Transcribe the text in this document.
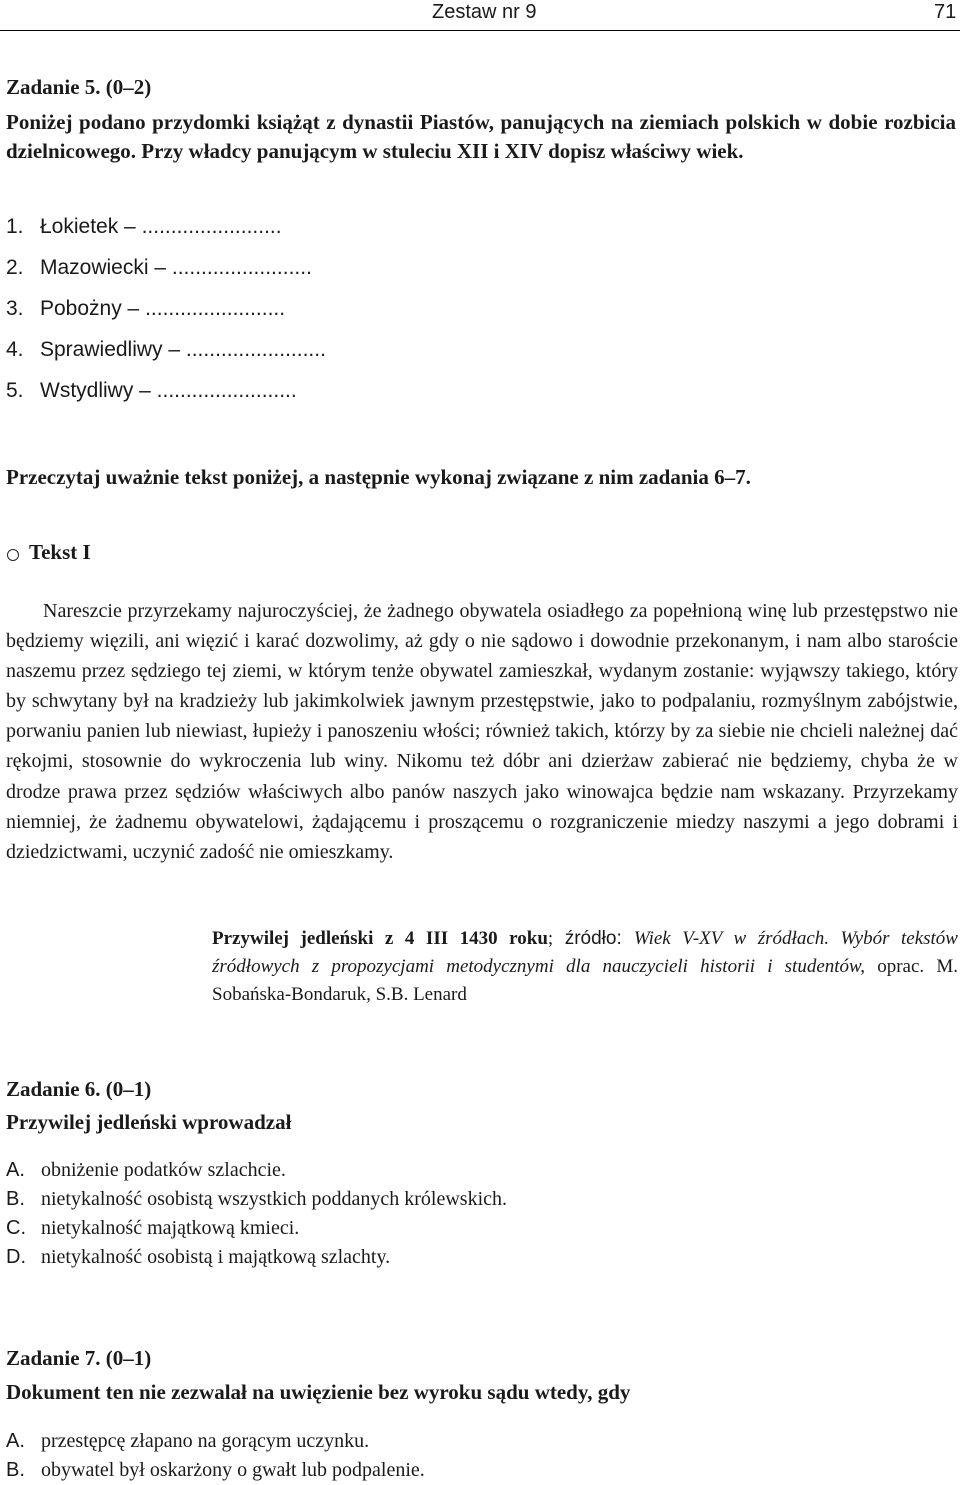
Zestaw nr 9	71

Zadanie 5. (0–2)

Poniżej podano przydomki książąt z dynastii Piastów, panujących na ziemiach polskich w dobie rozbicia dzielnicowego. Przy władcy panującym w stuleciu XII i XIV dopisz właściwy wiek.

1. Łokietek – ........................
2. Mazowiecki – ........................
3. Pobożny – ........................
4. Sprawiedliwy – ........................
5. Wstydliwy – ........................

Przeczytaj uważnie tekst poniżej, a następnie wykonaj związane z nim zadania 6–7.

Tekst I

Nareszcie przyrzekamy najuroczyściej, że żadnego obywatela osiadłego za popełnioną winę lub przestępstwo nie będziemy więzili, ani więzić i karać dozwolimy, aż gdy o nie sądowo i dowodnie przekonanym, i nam albo staroście naszemu przez sędziego tej ziemi, w którym tenże obywatel zamieszkał, wydanym zostanie: wyjąwszy takiego, który by schwytany był na kradzieży lub jakimkolwiek jawnym przestępstwie, jako to podpalaniu, rozmyślnym zabójstwie, porwaniu panien lub niewiast, łupieży i panoszeniu włości; również takich, którzy by za siebie nie chcieli należnej dać rękojmi, stosownie do wykroczenia lub winy. Nikomu też dóbr ani dzierżaw zabierać nie będziemy, chyba że w drodze prawa przez sędziów właściwych albo panów naszych jako winowajca będzie nam wskazany. Przyrzekamy niemniej, że żadnemu obywatelowi, żądającemu i proszącemu o rozgraniczenie miedzy naszymi a jego dobrami i dziedzictwami, uczynić zadość nie omieszkamy.

Przywilej jedleński z 4 III 1430 roku; źródło: Wiek V-XV w źródłach. Wybór tekstów źródłowych z propozycjami metodycznymi dla nauczycieli historii i studentów, oprac. M. Sobańska-Bondaruk, S.B. Lenard

Zadanie 6. (0–1)

Przywilej jedleński wprowadzał

A. obniżenie podatków szlachcie.
B. nietykalność osobistą wszystkich poddanych królewskich.
C. nietykalność majątkową kmieci.
D. nietykalność osobistą i majątkową szlachty.

Zadanie 7. (0–1)

Dokument ten nie zezwalał na uwięzienie bez wyroku sądu wtedy, gdy

A. przestępcę złapano na gorącym uczynku.
B. obywatel był oskarżony o gwałt lub podpalenie.
